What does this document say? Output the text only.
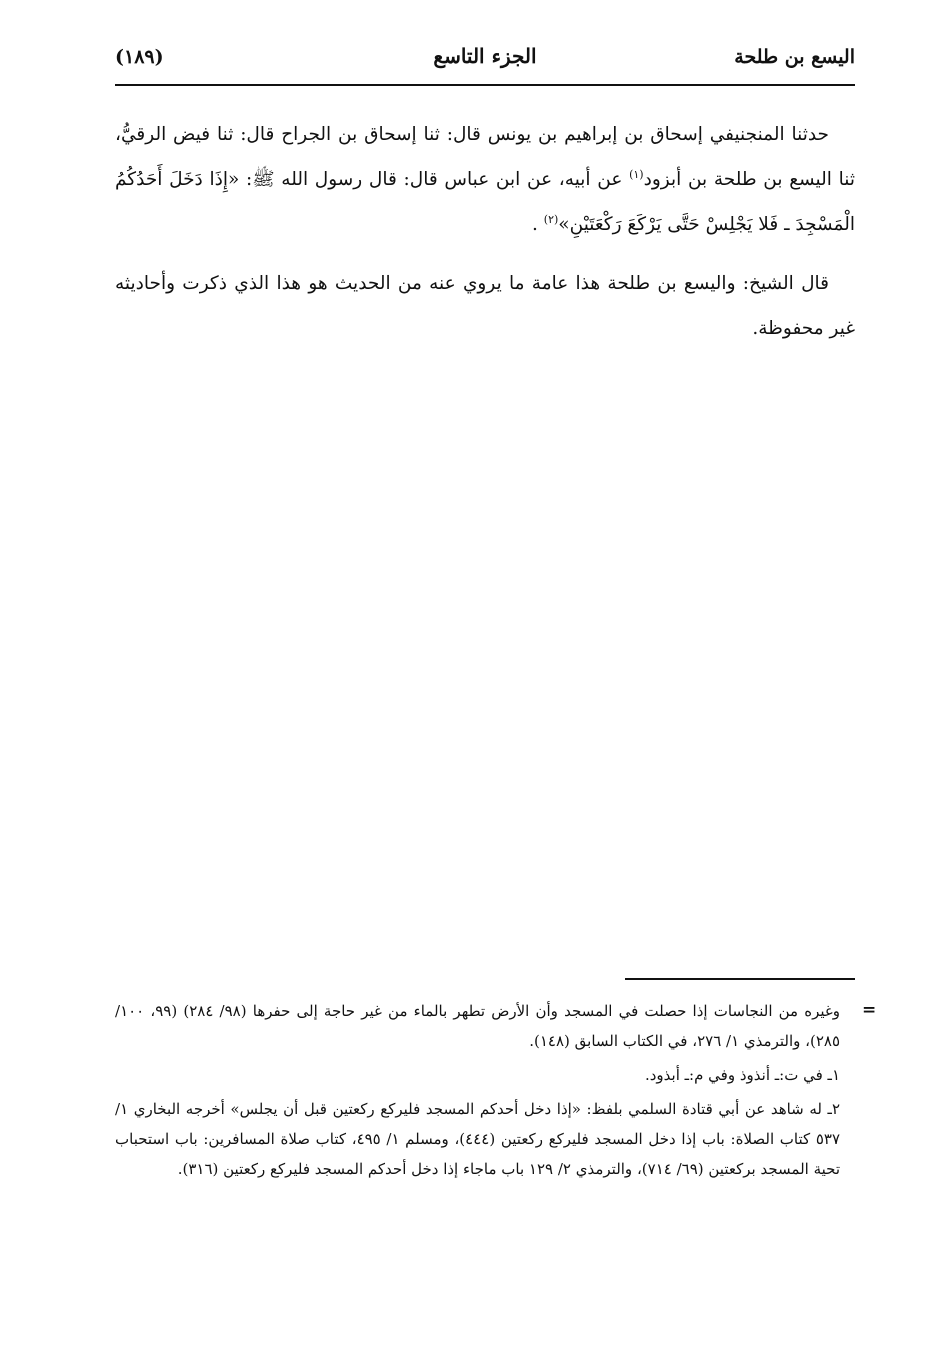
اليسع بن طلحة
الجزء التاسع
(١٨٩)

حدثنا المنجنيفي إسحاق بن إبراهيم بن يونس قال: ثنا إسحاق بن الجراح قال: ثنا فيض الرقيُّ، ثنا اليسع بن طلحة بن أبزود$^{(١)}$ عن أبيه، عن ابن عباس قال: قال رسول الله ﷺ: «إِذَا دَخَلَ أَحَدُكُمُ الْمَسْجِدَ ـ فَلا يَجْلِسْ حَتَّى يَرْكَعَ رَكْعَتَيْنِ»$^{(٢)}$ .

قال الشيخ: واليسع بن طلحة هذا عامة ما يروي عنه من الحديث هو هذا الذي ذكرت وأحاديثه غير محفوظة.

=

وغيره من النجاسات إذا حصلت في المسجد وأن الأرض تطهر بالماء من غير حاجة إلى حفرها (٩٨/ ٢٨٤) (٩٩، ١٠٠/ ٢٨٥)، والترمذي ١/ ٢٧٦، في الكتاب السابق (١٤٨).

١ـ في ت:ـ أنذوذ وفي م:ـ أبذود.

٢ـ له شاهد عن أبي قتادة السلمي بلفظ: «إذا دخل أحدكم المسجد فليركع ركعتين قبل أن يجلس» أخرجه البخاري ١/ ٥٣٧ كتاب الصلاة: باب إذا دخل المسجد فليركع ركعتين (٤٤٤)، ومسلم ١/ ٤٩٥، كتاب صلاة المسافرين: باب استحباب تحية المسجد بركعتين (٦٩/ ٧١٤)، والترمذي ٢/ ١٢٩ باب ماجاء إذا دخل أحدكم المسجد فليركع ركعتين (٣١٦).
